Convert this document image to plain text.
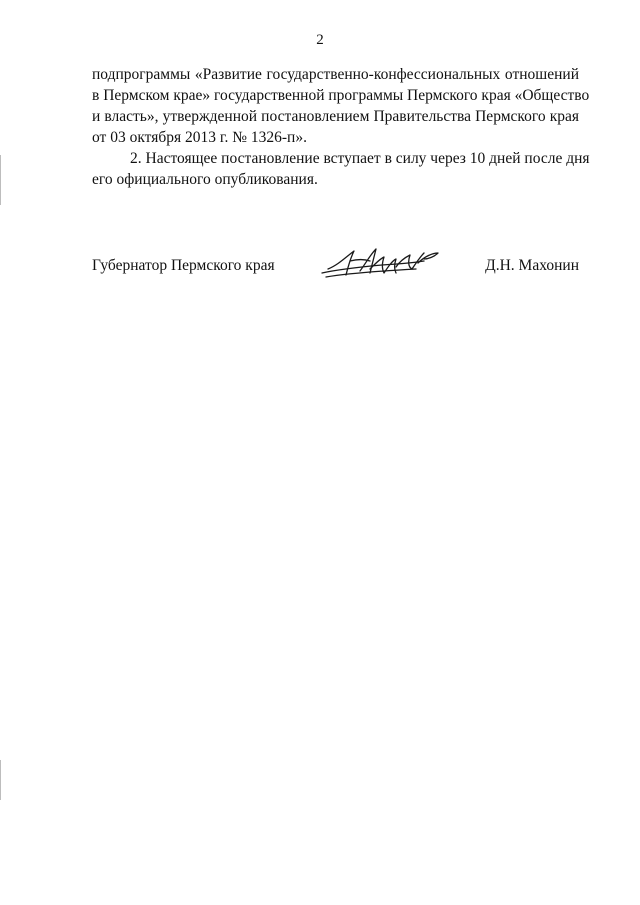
2

подпрограммы «Развитие государственно-конфессиональных отношений
в Пермском крае» государственной программы Пермского края «Общество
и власть», утвержденной постановлением Правительства Пермского края
от 03 октября 2013 г. № 1326-п».

2. Настоящее постановление вступает в силу через 10 дней после дня
его официального опубликования.

Губернатор Пермского края	Д.Н. Махонин
